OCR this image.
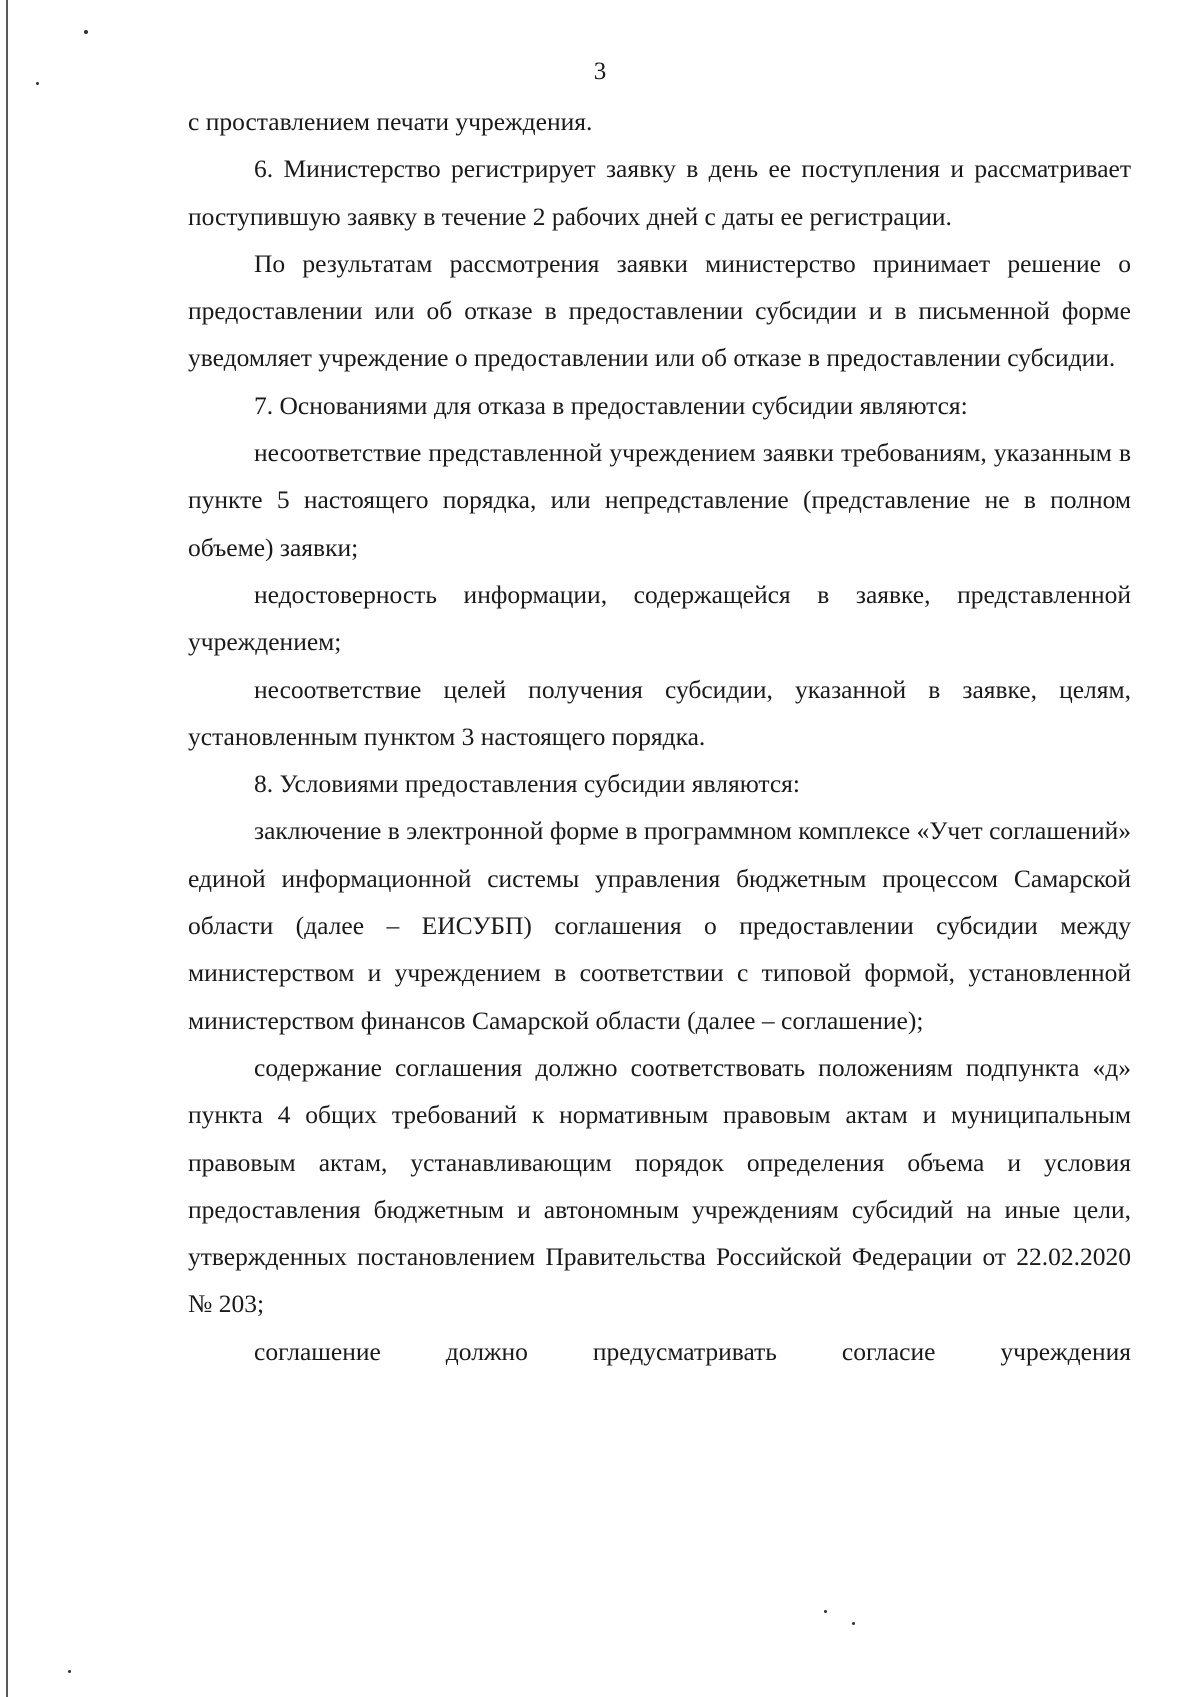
3

с проставлением печати учреждения.

6. Министерство регистрирует заявку в день ее поступления и рассматривает поступившую заявку в течение 2 рабочих дней с даты ее регистрации.

По результатам рассмотрения заявки министерство принимает решение о предоставлении или об отказе в предоставлении субсидии и в письменной форме уведомляет учреждение о предоставлении или об отказе в предоставлении субсидии.

7. Основаниями для отказа в предоставлении субсидии являются:

несоответствие представленной учреждением заявки требованиям, указанным в пункте 5 настоящего порядка, или непредставление (представление не в полном объеме) заявки;

недостоверность информации, содержащейся в заявке, представленной учреждением;

несоответствие целей получения субсидии, указанной в заявке, целям, установленным пунктом 3 настоящего порядка.

8. Условиями предоставления субсидии являются:

заключение в электронной форме в программном комплексе «Учет соглашений» единой информационной системы управления бюджетным процессом Самарской области (далее – ЕИСУБП) соглашения о предоставлении субсидии между министерством и учреждением в соответствии с типовой формой, установленной министерством финансов Самарской области (далее – соглашение);

содержание соглашения должно соответствовать положениям подпункта «д» пункта 4 общих требований к нормативным правовым актам и муниципальным правовым актам, устанавливающим порядок определения объема и условия предоставления бюджетным и автономным учреждениям субсидий на иные цели, утвержденных постановлением Правительства Российской Федерации от 22.02.2020 № 203;

соглашение должно предусматривать согласие учреждения
